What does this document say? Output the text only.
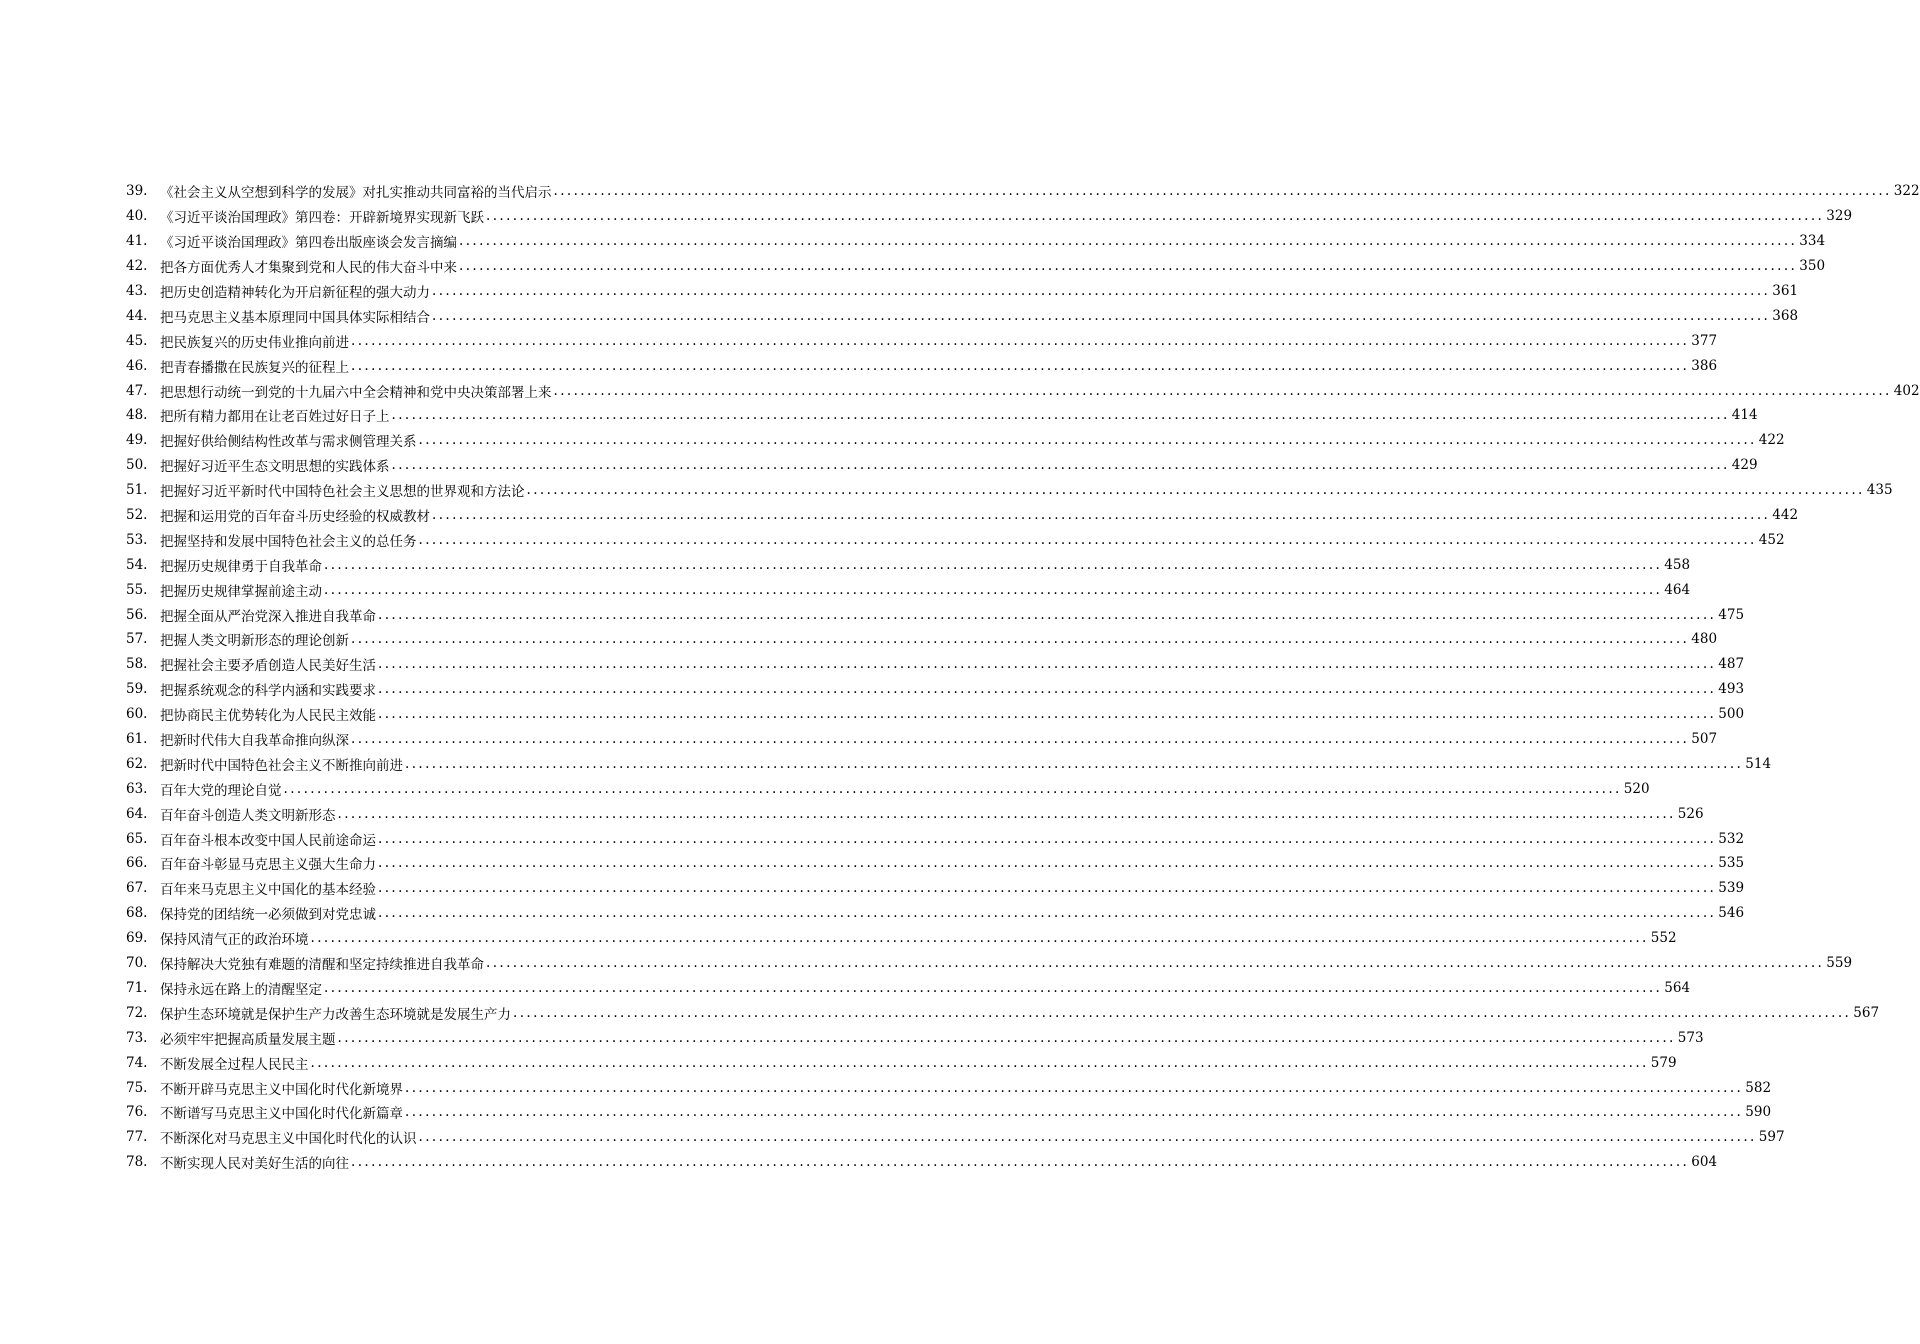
39. 《社会主义从空想到科学的发展》对扎实推动共同富裕的当代启示 ........................................................................................................................................................................................................ 322
40. 《习近平谈治国理政》第四卷：开辟新境界实现新飞跃 ........................................................................................................................................................................................................ 329
41. 《习近平谈治国理政》第四卷出版座谈会发言摘编 ........................................................................................................................................................................................................ 334
42. 把各方面优秀人才集聚到党和人民的伟大奋斗中来 ........................................................................................................................................................................................................ 350
43. 把历史创造精神转化为开启新征程的强大动力 ........................................................................................................................................................................................................ 361
44. 把马克思主义基本原理同中国具体实际相结合 ........................................................................................................................................................................................................ 368
45. 把民族复兴的历史伟业推向前进 ........................................................................................................................................................................................................ 377
46. 把青春播撒在民族复兴的征程上 ........................................................................................................................................................................................................ 386
47. 把思想行动统一到党的十九届六中全会精神和党中央决策部署上来 ........................................................................................................................................................................................................ 402
48. 把所有精力都用在让老百姓过好日子上 ........................................................................................................................................................................................................ 414
49. 把握好供给侧结构性改革与需求侧管理关系 ........................................................................................................................................................................................................ 422
50. 把握好习近平生态文明思想的实践体系 ........................................................................................................................................................................................................ 429
51. 把握好习近平新时代中国特色社会主义思想的世界观和方法论 ........................................................................................................................................................................................................ 435
52. 把握和运用党的百年奋斗历史经验的权威教材 ........................................................................................................................................................................................................ 442
53. 把握坚持和发展中国特色社会主义的总任务 ........................................................................................................................................................................................................ 452
54. 把握历史规律勇于自我革命 ........................................................................................................................................................................................................ 458
55. 把握历史规律掌握前途主动 ........................................................................................................................................................................................................ 464
56. 把握全面从严治党深入推进自我革命 ........................................................................................................................................................................................................ 475
57. 把握人类文明新形态的理论创新 ........................................................................................................................................................................................................ 480
58. 把握社会主要矛盾创造人民美好生活 ........................................................................................................................................................................................................ 487
59. 把握系统观念的科学内涵和实践要求 ........................................................................................................................................................................................................ 493
60. 把协商民主优势转化为人民民主效能 ........................................................................................................................................................................................................ 500
61. 把新时代伟大自我革命推向纵深 ........................................................................................................................................................................................................ 507
62. 把新时代中国特色社会主义不断推向前进 ........................................................................................................................................................................................................ 514
63. 百年大党的理论自觉 ........................................................................................................................................................................................................ 520
64. 百年奋斗创造人类文明新形态 ........................................................................................................................................................................................................ 526
65. 百年奋斗根本改变中国人民前途命运 ........................................................................................................................................................................................................ 532
66. 百年奋斗彰显马克思主义强大生命力 ........................................................................................................................................................................................................ 535
67. 百年来马克思主义中国化的基本经验 ........................................................................................................................................................................................................ 539
68. 保持党的团结统一必须做到对党忠诚 ........................................................................................................................................................................................................ 546
69. 保持风清气正的政治环境 ........................................................................................................................................................................................................ 552
70. 保持解决大党独有难题的清醒和坚定持续推进自我革命 ........................................................................................................................................................................................................ 559
71. 保持永远在路上的清醒坚定 ........................................................................................................................................................................................................ 564
72. 保护生态环境就是保护生产力改善生态环境就是发展生产力 ........................................................................................................................................................................................................ 567
73. 必须牢牢把握高质量发展主题 ........................................................................................................................................................................................................ 573
74. 不断发展全过程人民民主 ........................................................................................................................................................................................................ 579
75. 不断开辟马克思主义中国化时代化新境界 ........................................................................................................................................................................................................ 582
76. 不断谱写马克思主义中国化时代化新篇章 ........................................................................................................................................................................................................ 590
77. 不断深化对马克思主义中国化时代化的认识 ........................................................................................................................................................................................................ 597
78. 不断实现人民对美好生活的向往 ........................................................................................................................................................................................................ 604
